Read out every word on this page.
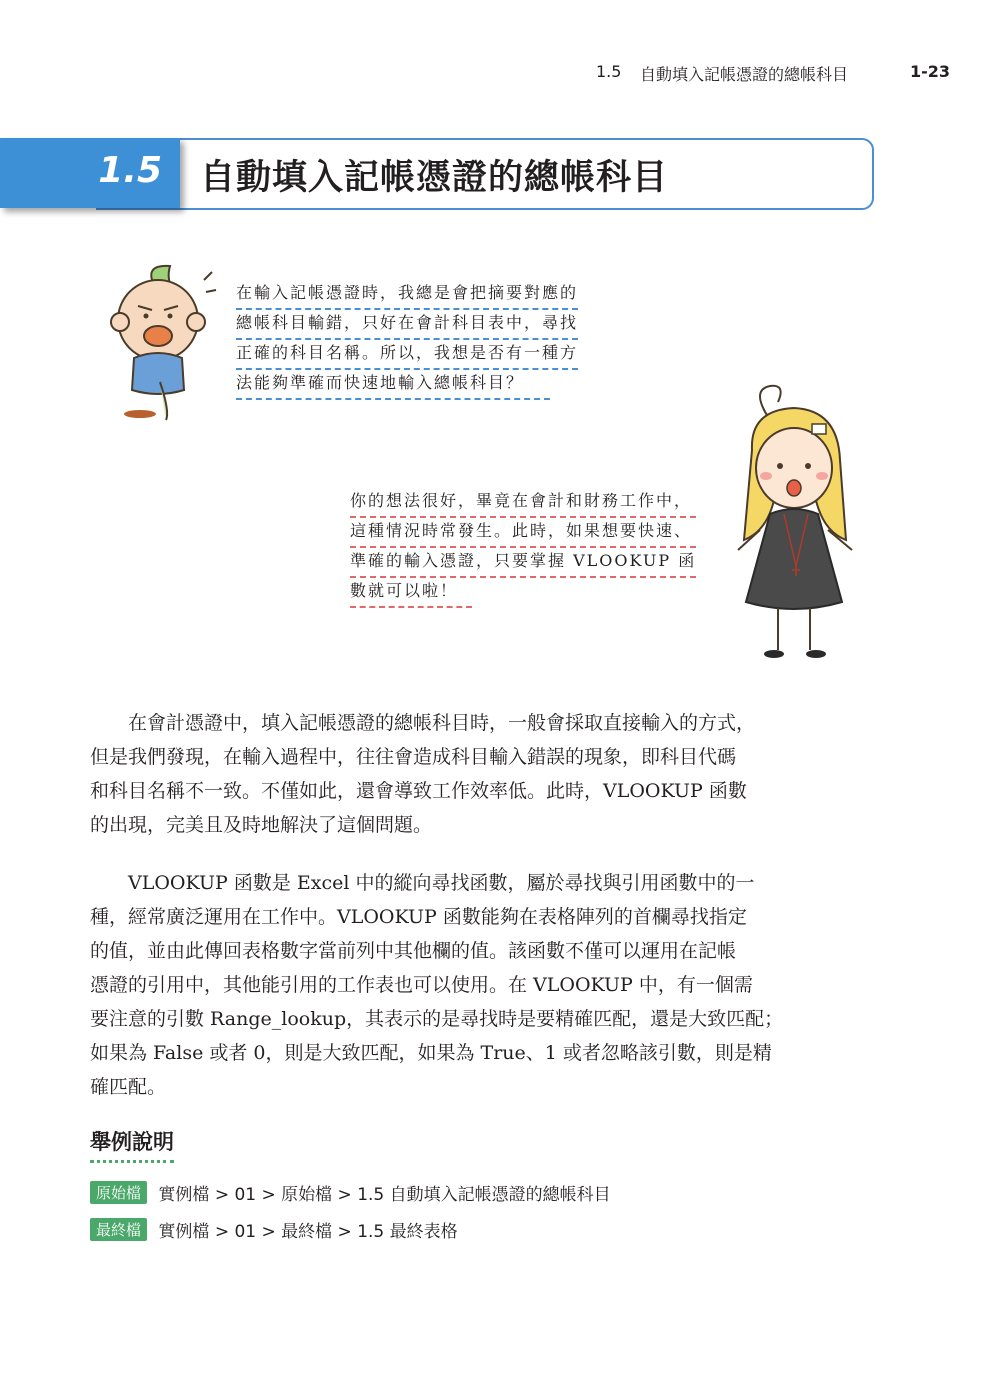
1.5 自動填入記帳憑證的總帳科目	1-23
1.5 自動填入記帳憑證的總帳科目
在輸入記帳憑證時，我總是會把摘要對應的
總帳科目輸錯，只好在會計科目表中，尋找
正確的科目名稱。所以，我想是否有一種方
法能夠準確而快速地輸入總帳科目？
你的想法很好，畢竟在會計和財務工作中，
這種情況時常發生。此時，如果想要快速、
準確的輸入憑證，只要掌握 VLOOKUP 函
數就可以啦！
　　在會計憑證中，填入記帳憑證的總帳科目時，一般會採取直接輸入的方式，
但是我們發現，在輸入過程中，往往會造成科目輸入錯誤的現象，即科目代碼
和科目名稱不一致。不僅如此，還會導致工作效率低。此時，VLOOKUP 函數
的出現，完美且及時地解決了這個問題。
　　VLOOKUP 函數是 Excel 中的縱向尋找函數，屬於尋找與引用函數中的一
種，經常廣泛運用在工作中。VLOOKUP 函數能夠在表格陣列的首欄尋找指定
的值，並由此傳回表格數字當前列中其他欄的值。該函數不僅可以運用在記帳
憑證的引用中，其他能引用的工作表也可以使用。在 VLOOKUP 中，有一個需
要注意的引數 Range_lookup，其表示的是尋找時是要精確匹配，還是大致匹配；
如果為 False 或者 0，則是大致匹配，如果為 True、1 或者忽略該引數，則是精
確匹配。
舉例說明
原始檔 實例檔 > 01 > 原始檔 > 1.5 自動填入記帳憑證的總帳科目
最終檔 實例檔 > 01 > 最終檔 > 1.5 最終表格
